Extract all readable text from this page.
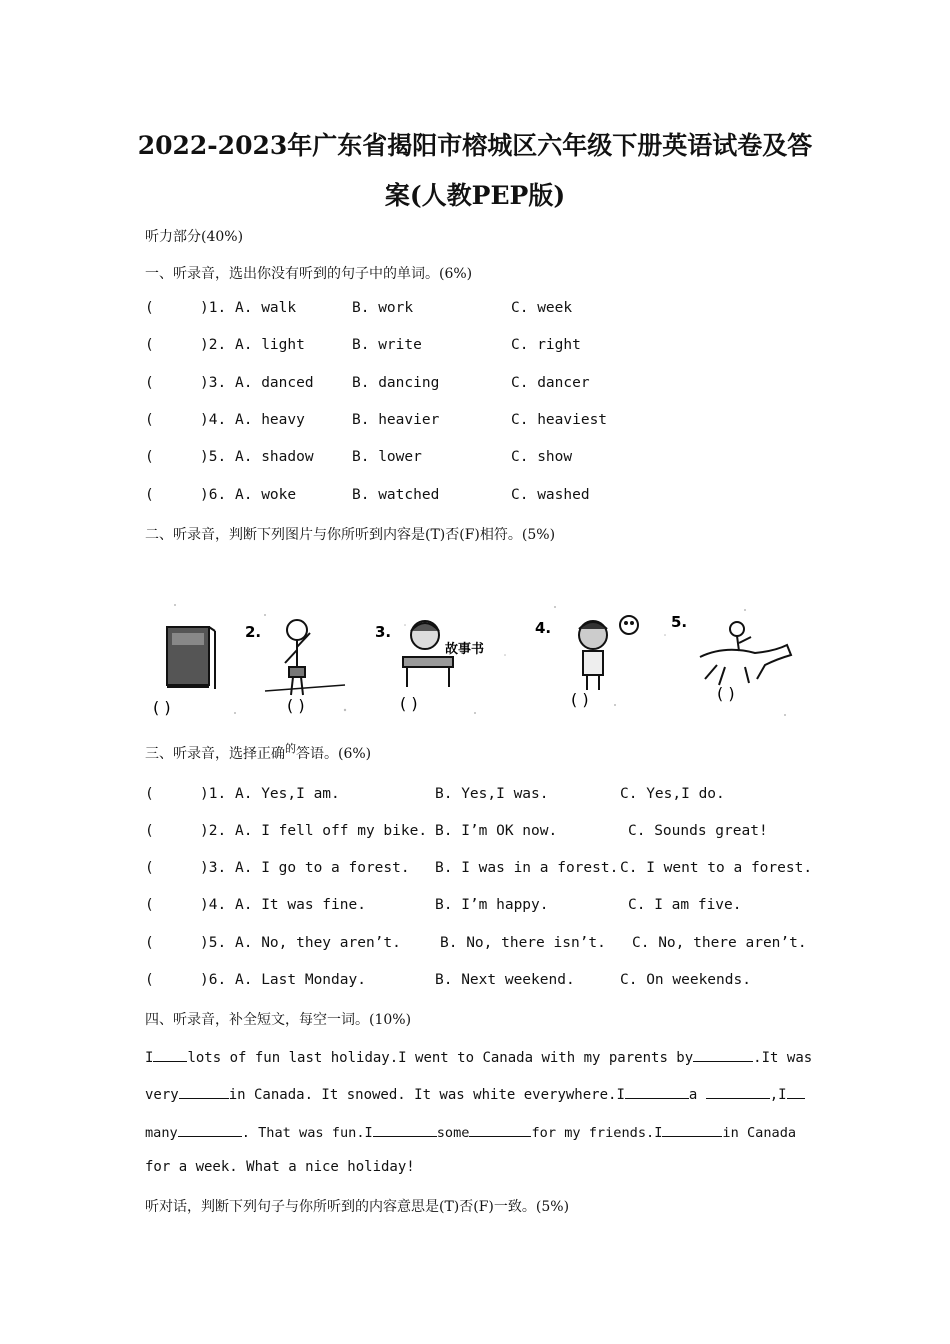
2022-2023年广东省揭阳市榕城区六年级下册英语试卷及答
案(人教PEP版)
听力部分(40%)
一、听录音，选出你没有听到的句子中的单词。(6%)
(	)1. A. walk	B. work	C. week
(	)2. A. light	B. write	C. right
(	)3. A. danced	B. dancing	C. dancer
(	)4. A. heavy	B. heavier	C. heaviest
(	)5. A. shadow	B. lower	C. show
(	)6. A. woke	B. watched	C. washed
二、听录音，判断下列图片与你所听到内容是(T)否(F)相符。(5%)
( )
2.
( )
3.
故事书
( )
4.
( )
5.
( )
三、听录音，选择正确$^的$答语。(6%)
(	)1. A. Yes,I am.	B. Yes,I was.	C. Yes,I do.
(	)2. A. I fell off my bike. B. I’m OK now.	C. Sounds great!
(	)3. A. I go to a forest. B. I was in a forest. C. I went to a forest.
(	)4. A. It was fine.	B. I’m happy.	C. I am five.
(	)5. A. No, they aren’t.	B. No, there isn’t. C. No, there aren’t.
(	)6. A. Last Monday.	B. Next weekend.	C. On weekends.
四、听录音，补全短文，每空一词。(10%)
I lots of fun last holiday.I went to Canada with my parents by	.It was
very	in Canada. It snowed. It was white everywhere.I	a	,I
many	. That was fun.I	some	for my friends.I	in Canada
for a week. What a nice holiday!
听对话，判断下列句子与你所听到的内容意思是(T)否(F)一致。(5%)
